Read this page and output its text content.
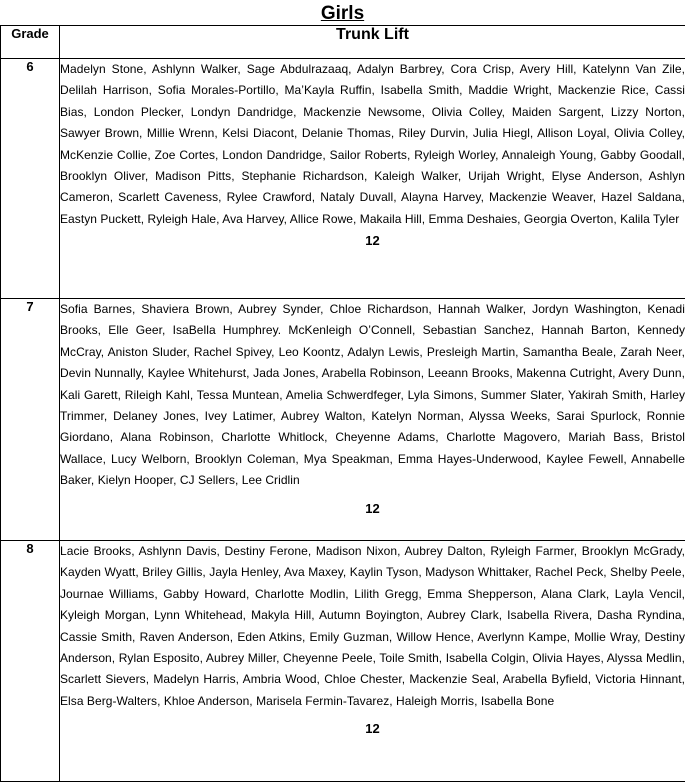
Girls
Grade	Trunk Lift
6	Madelyn Stone, Ashlynn Walker, Sage Abdulrazaaq, Adalyn Barbrey, Cora Crisp, Avery Hill, Katelynn Van Zile, Delilah Harrison, Sofia Morales-Portillo, Ma’Kayla Ruffin, Isabella Smith, Maddie Wright, Mackenzie Rice, Cassi Bias, London Plecker, Londyn Dandridge, Mackenzie Newsome, Olivia Colley, Maiden Sargent, Lizzy Norton, Sawyer Brown, Millie Wrenn, Kelsi Diacont, Delanie Thomas, Riley Durvin, Julia Hiegl, Allison Loyal, Olivia Colley, McKenzie Collie, Zoe Cortes, London Dandridge, Sailor Roberts, Ryleigh Worley, Annaleigh Young, Gabby Goodall, Brooklyn Oliver, Madison Pitts, Stephanie Richardson, Kaleigh Walker, Urijah Wright, Elyse Anderson, Ashlyn Cameron, Scarlett Caveness, Rylee Crawford, Nataly Duvall, Alayna Harvey, Mackenzie Weaver, Hazel Saldana, Eastyn Puckett, Ryleigh Hale, Ava Harvey, Allice Rowe, Makaila Hill, Emma Deshaies, Georgia Overton, Kalila Tyler
12

7	Sofia Barnes, Shaviera Brown, Aubrey Synder, Chloe Richardson, Hannah Walker, Jordyn Washington, Kenadi Brooks, Elle Geer, IsaBella Humphrey. McKenleigh O’Connell, Sebastian Sanchez, Hannah Barton, Kennedy McCray, Aniston Sluder, Rachel Spivey, Leo Koontz, Adalyn Lewis, Presleigh Martin, Samantha Beale, Zarah Neer, Devin Nunnally, Kaylee Whitehurst, Jada Jones, Arabella Robinson, Leeann Brooks, Makenna Cutright, Avery Dunn, Kali Garett, Rileigh Kahl, Tessa Muntean, Amelia Schwerdfeger, Lyla Simons, Summer Slater, Yakirah Smith, Harley Trimmer, Delaney Jones, Ivey Latimer, Aubrey Walton, Katelyn Norman, Alyssa Weeks, Sarai Spurlock, Ronnie Giordano, Alana Robinson, Charlotte Whitlock, Cheyenne Adams, Charlotte Magovero, Mariah Bass, Bristol Wallace, Lucy Welborn, Brooklyn Coleman, Mya Speakman, Emma Hayes-Underwood, Kaylee Fewell, Annabelle Baker, Kielyn Hooper, CJ Sellers, Lee Cridlin
12

8	Lacie Brooks, Ashlynn Davis, Destiny Ferone, Madison Nixon, Aubrey Dalton, Ryleigh Farmer, Brooklyn McGrady, Kayden Wyatt, Briley Gillis, Jayla Henley, Ava Maxey, Kaylin Tyson, Madyson Whittaker, Rachel Peck, Shelby Peele, Journae Williams, Gabby Howard, Charlotte Modlin, Lilith Gregg, Emma Shepperson, Alana Clark, Layla Vencil, Kyleigh Morgan, Lynn Whitehead, Makyla Hill, Autumn Boyington, Aubrey Clark, Isabella Rivera, Dasha Ryndina, Cassie Smith, Raven Anderson, Eden Atkins, Emily Guzman, Willow Hence, Averlynn Kampe, Mollie Wray, Destiny Anderson, Rylan Esposito, Aubrey Miller, Cheyenne Peele, Toile Smith, Isabella Colgin, Olivia Hayes, Alyssa Medlin, Scarlett Sievers, Madelyn Harris, Ambria Wood, Chloe Chester, Mackenzie Seal, Arabella Byfield, Victoria Hinnant, Elsa Berg-Walters, Khloe Anderson, Marisela Fermin-Tavarez, Haleigh Morris, Isabella Bone
12
